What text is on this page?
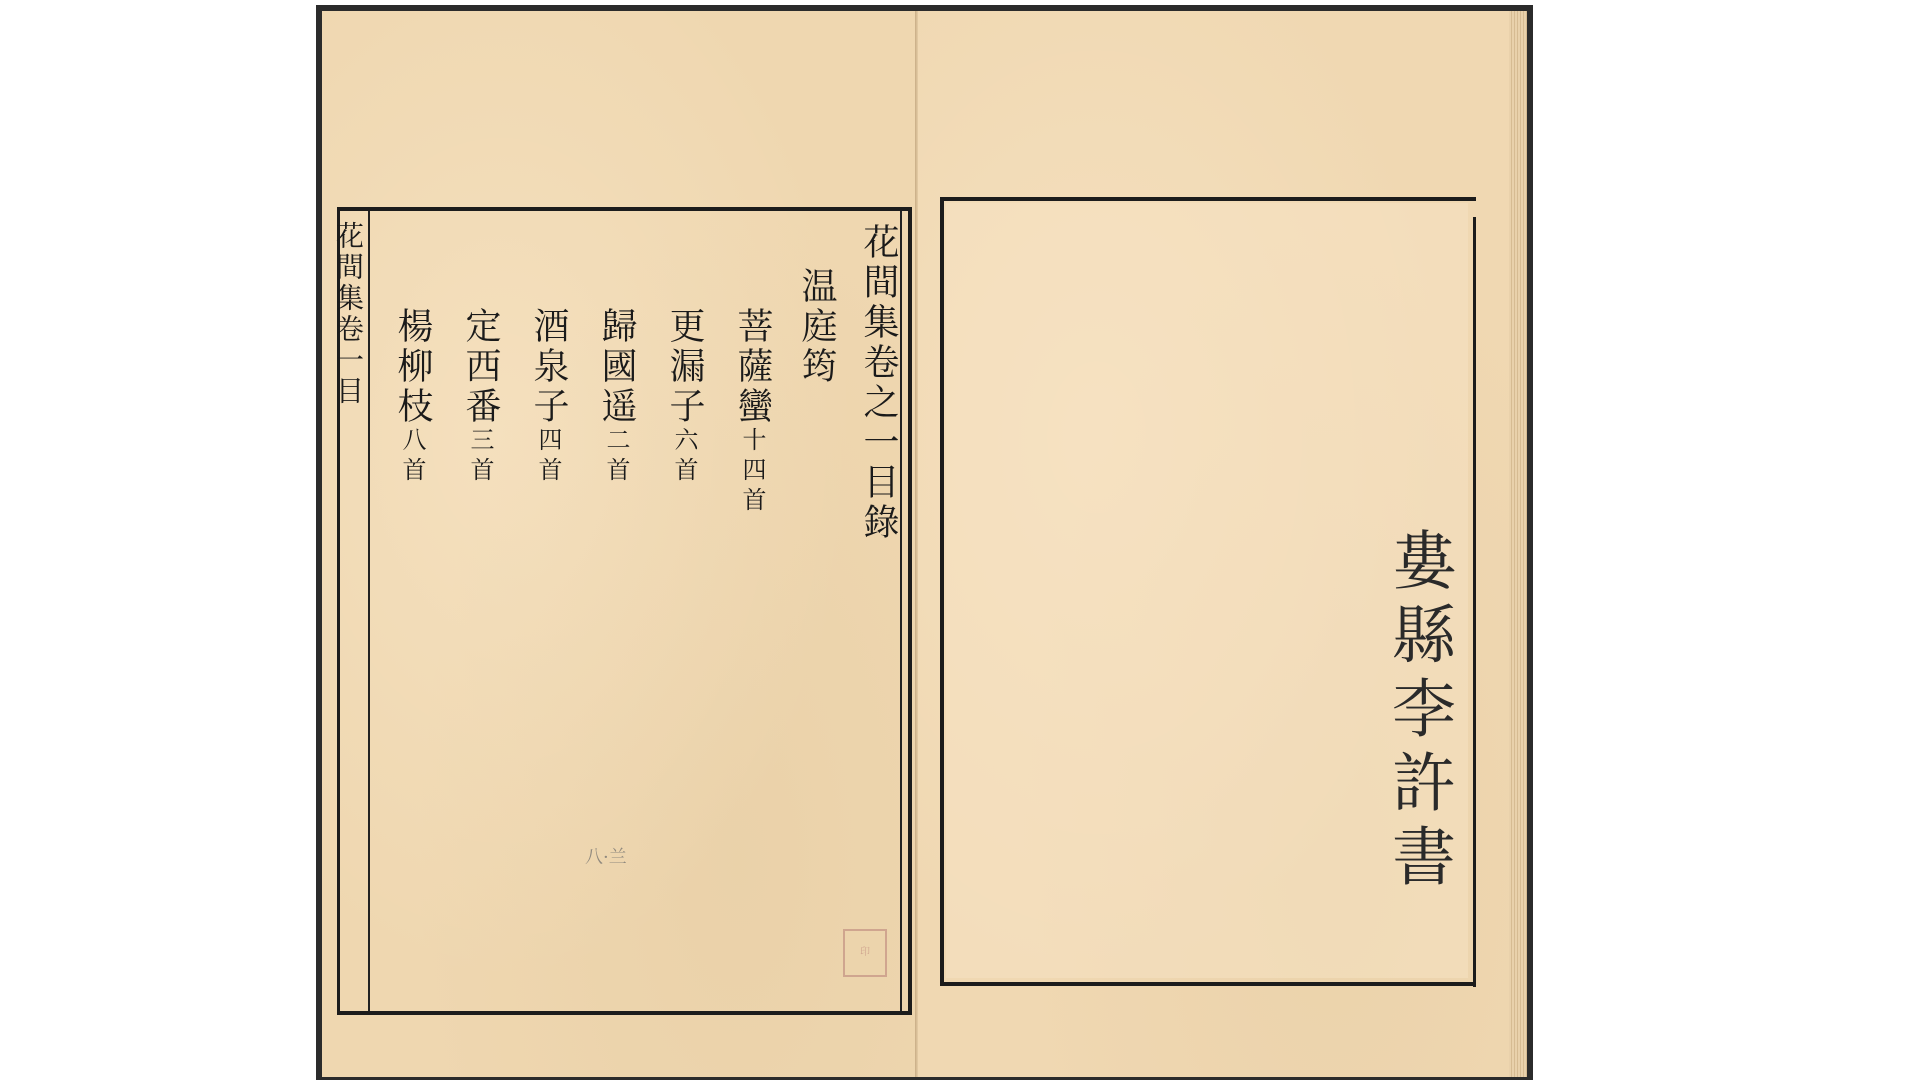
花間集卷一目	花間集卷之一目錄
温庭筠
菩薩蠻十四首
更漏子六首
歸國遥二首
酒泉子四首
定西番三首
楊柳枝八首
八·兰
印
婁縣李許書
